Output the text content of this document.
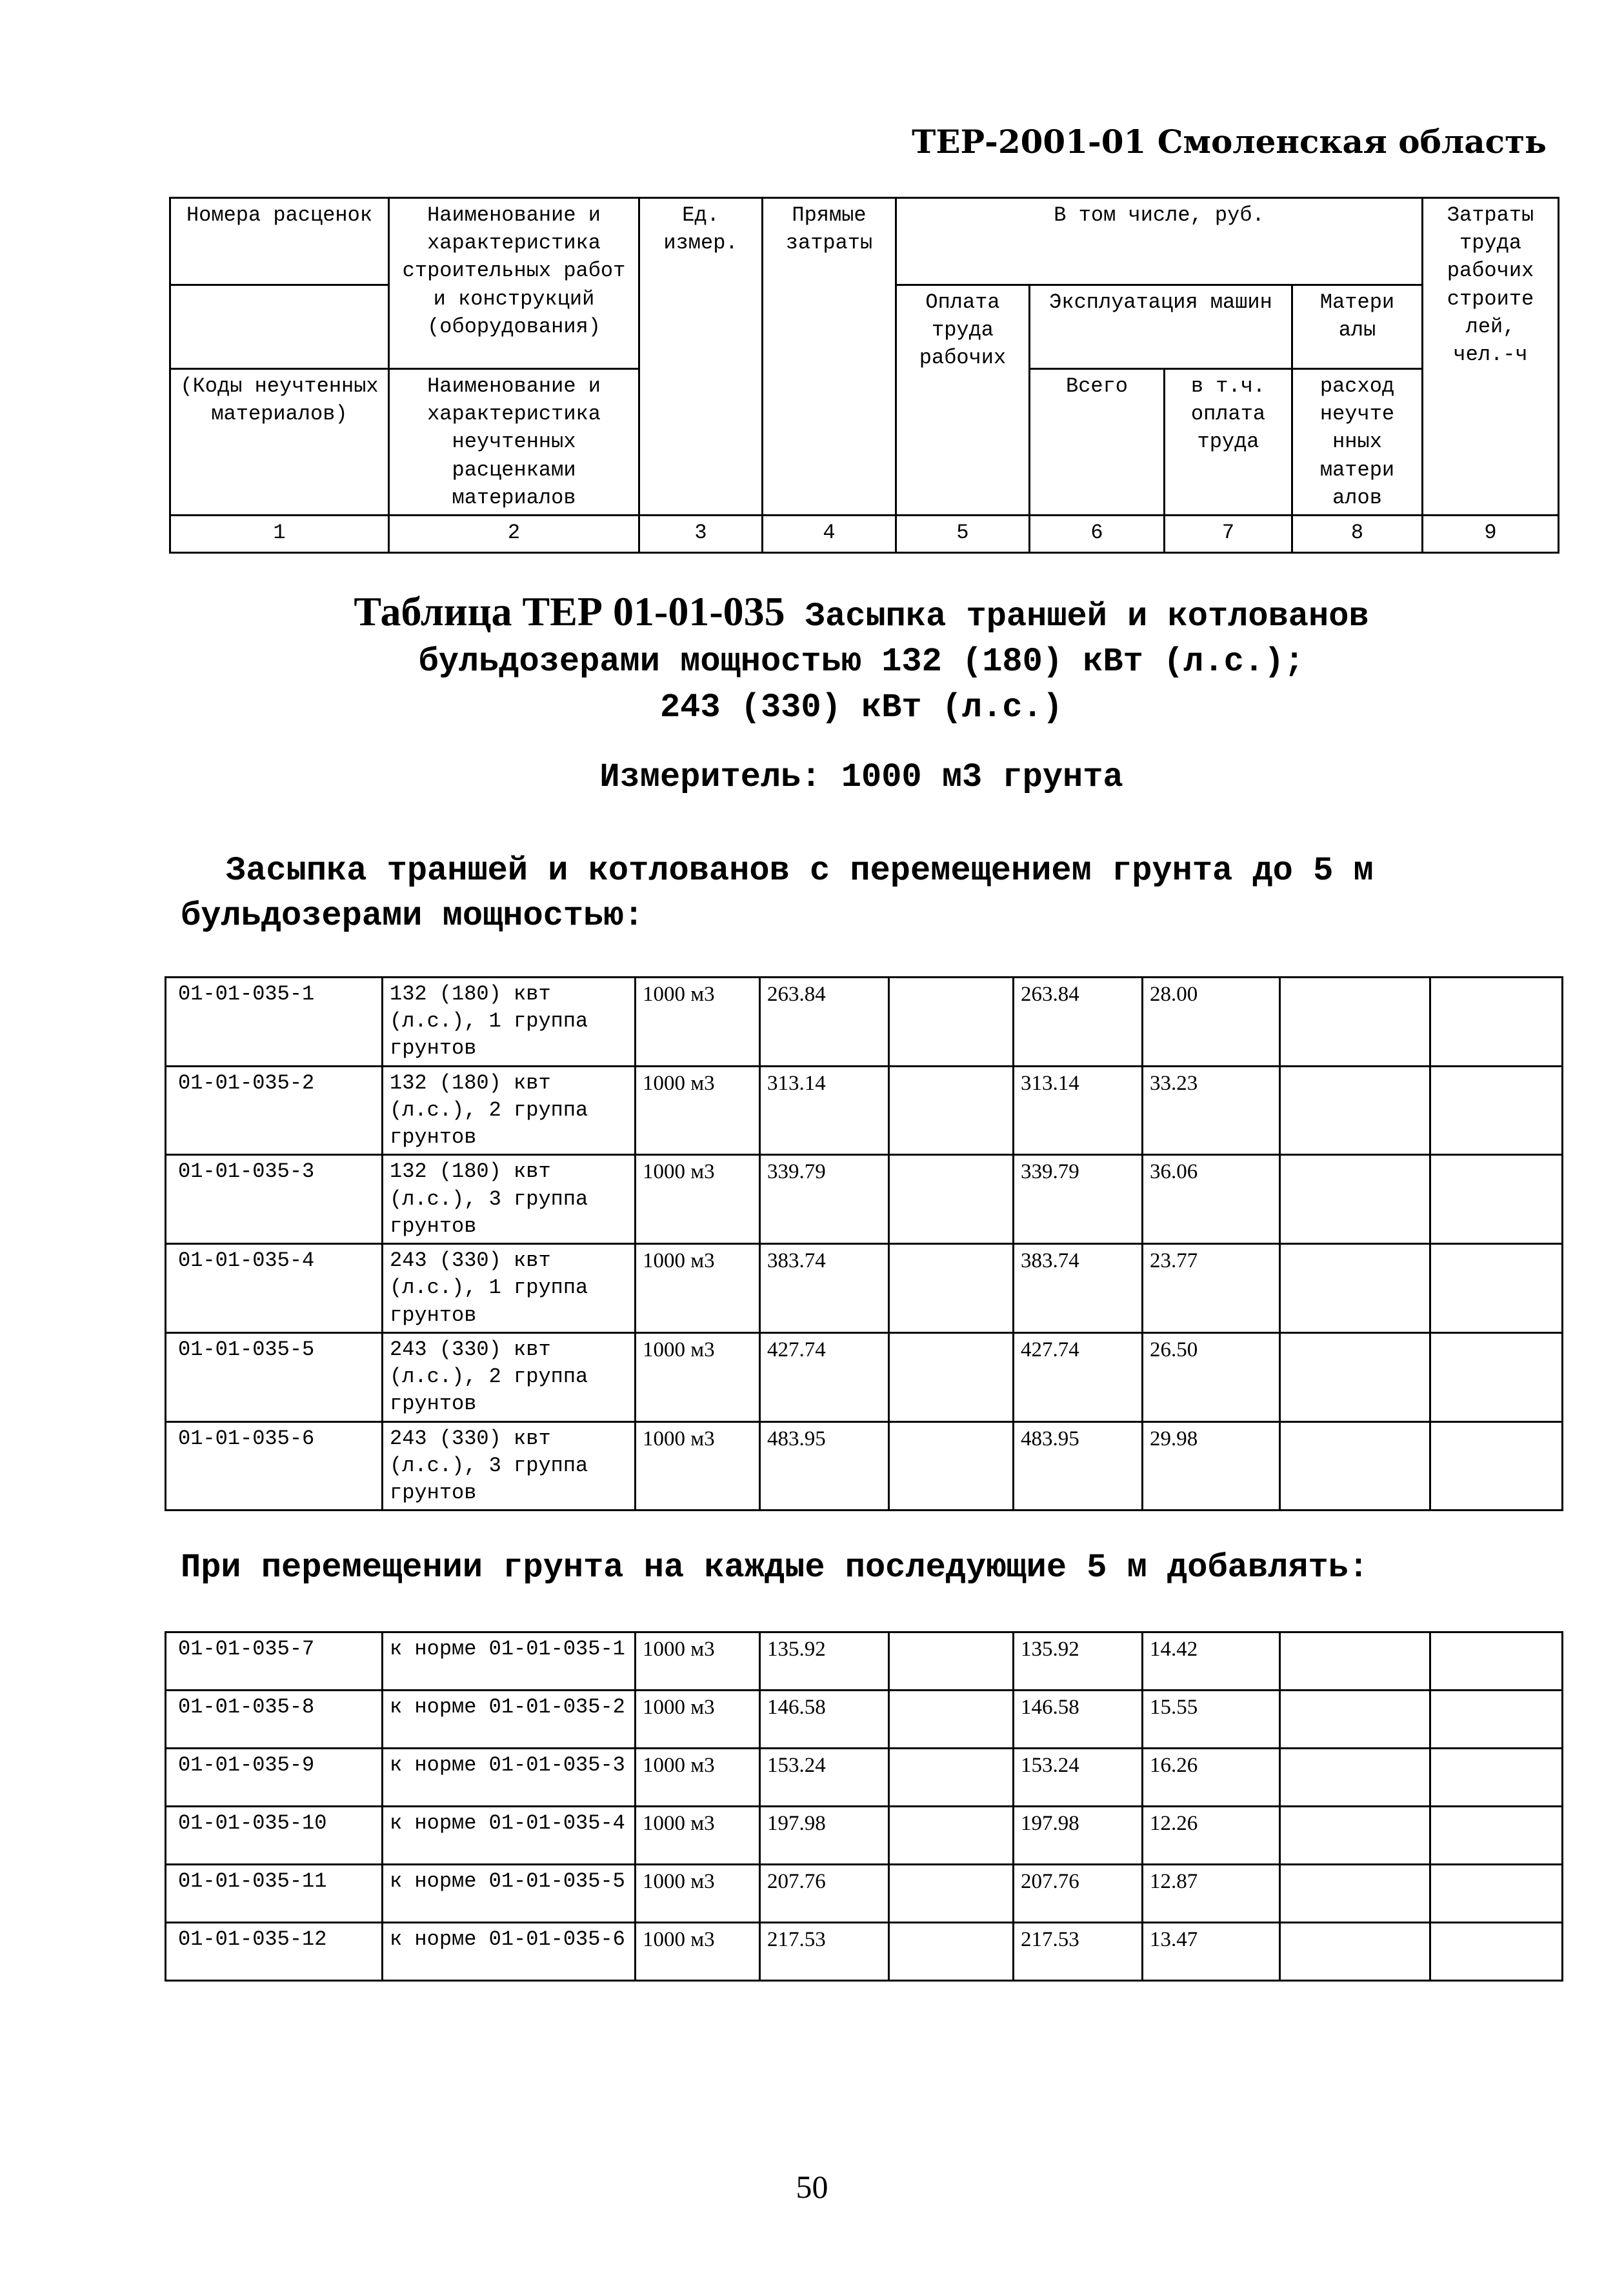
ТЕР-2001-01 Смоленская область
Номера расценок	Наименование и характеристика строительных работ и конструкций (оборудования)	Ед. измер.	Прямые затраты	В том числе, руб.				Затраты труда рабочих строите лей, чел.-ч
				Оплата труда рабочих	Эксплуатация машин		Матери алы	
(Коды неучтенных материалов)	Наименование и характеристика неучтенных расценками материалов				Всего	в т.ч. оплата труда	расход неучте нных матери алов	
1	2	3	4	5	6	7	8	9
Таблица ТЕР 01-01-035 Засыпка траншей и котлованов
бульдозерами мощностью 132 (180) кВт (л.с.);
243 (330) кВт (л.с.)
Измеритель: 1000 м3 грунта
Засыпка траншей и котлованов с перемещением грунта до 5 м бульдозерами мощностью:
01-01-035-1	132 (180) квт (л.с.), 1 группа грунтов	1000 м3	263.84		263.84	28.00		
01-01-035-2	132 (180) квт (л.с.), 2 группа грунтов	1000 м3	313.14		313.14	33.23		
01-01-035-3	132 (180) квт (л.с.), 3 группа грунтов	1000 м3	339.79		339.79	36.06		
01-01-035-4	243 (330) квт (л.с.), 1 группа грунтов	1000 м3	383.74		383.74	23.77		
01-01-035-5	243 (330) квт (л.с.), 2 группа грунтов	1000 м3	427.74		427.74	26.50		
01-01-035-6	243 (330) квт (л.с.), 3 группа грунтов	1000 м3	483.95		483.95	29.98		
При перемещении грунта на каждые последующие 5 м добавлять:
01-01-035-7	к норме 01-01-035-1	1000 м3	135.92		135.92	14.42		
01-01-035-8	к норме 01-01-035-2	1000 м3	146.58		146.58	15.55		
01-01-035-9	к норме 01-01-035-3	1000 м3	153.24		153.24	16.26		
01-01-035-10	к норме 01-01-035-4	1000 м3	197.98		197.98	12.26		
01-01-035-11	к норме 01-01-035-5	1000 м3	207.76		207.76	12.87		
01-01-035-12	к норме 01-01-035-6	1000 м3	217.53		217.53	13.47		
50
